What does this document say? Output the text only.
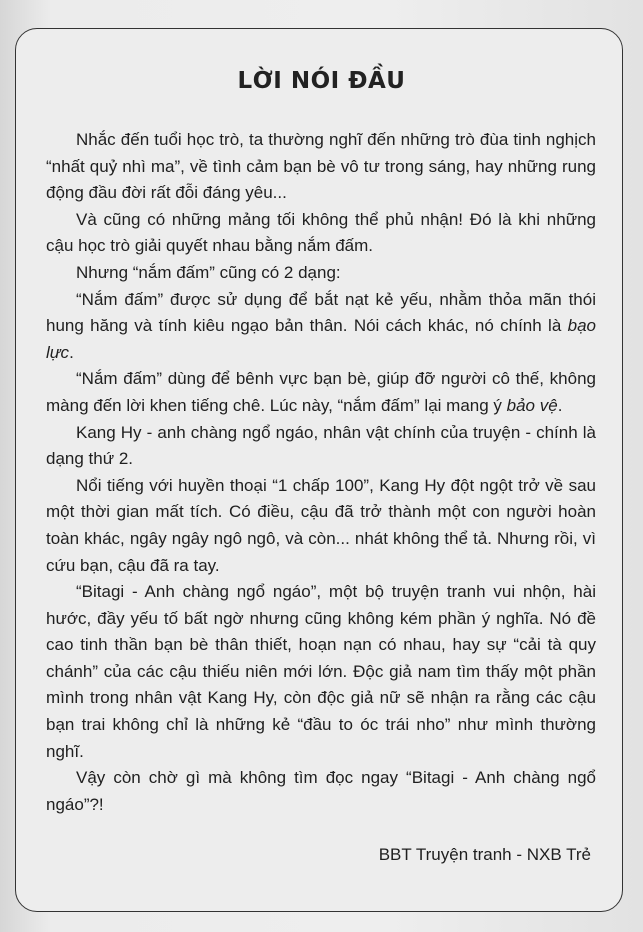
LỜI NÓI ĐẦU

Nhắc đến tuổi học trò, ta thường nghĩ đến những trò đùa tinh nghịch “nhất quỷ nhì ma”, về tình cảm bạn bè vô tư trong sáng, hay những rung động đầu đời rất đỗi đáng yêu...

Và cũng có những mảng tối không thể phủ nhận! Đó là khi những cậu học trò giải quyết nhau bằng nắm đấm.

Nhưng “nắm đấm” cũng có 2 dạng:

“Nắm đấm” được sử dụng để bắt nạt kẻ yếu, nhằm thỏa mãn thói hung hăng và tính kiêu ngạo bản thân. Nói cách khác, nó chính là bạo lực.

“Nắm đấm” dùng để bênh vực bạn bè, giúp đỡ người cô thế, không màng đến lời khen tiếng chê. Lúc này, “nắm đấm” lại mang ý bảo vệ.

Kang Hy - anh chàng ngổ ngáo, nhân vật chính của truyện - chính là dạng thứ 2.

Nổi tiếng với huyền thoại “1 chấp 100”, Kang Hy đột ngột trở về sau một thời gian mất tích. Có điều, cậu đã trở thành một con người hoàn toàn khác, ngây ngây ngô ngô, và còn... nhát không thể tả. Nhưng rồi, vì cứu bạn, cậu đã ra tay.

“Bitagi - Anh chàng ngổ ngáo”, một bộ truyện tranh vui nhộn, hài hước, đầy yếu tố bất ngờ nhưng cũng không kém phần ý nghĩa. Nó đề cao tinh thần bạn bè thân thiết, hoạn nạn có nhau, hay sự “cải tà quy chánh” của các cậu thiếu niên mới lớn. Độc giả nam tìm thấy một phần mình trong nhân vật Kang Hy, còn độc giả nữ sẽ nhận ra rằng các cậu bạn trai không chỉ là những kẻ “đầu to óc trái nho” như mình thường nghĩ.

Vậy còn chờ gì mà không tìm đọc ngay “Bitagi - Anh chàng ngổ ngáo”?!

BBT Truyện tranh - NXB Trẻ
